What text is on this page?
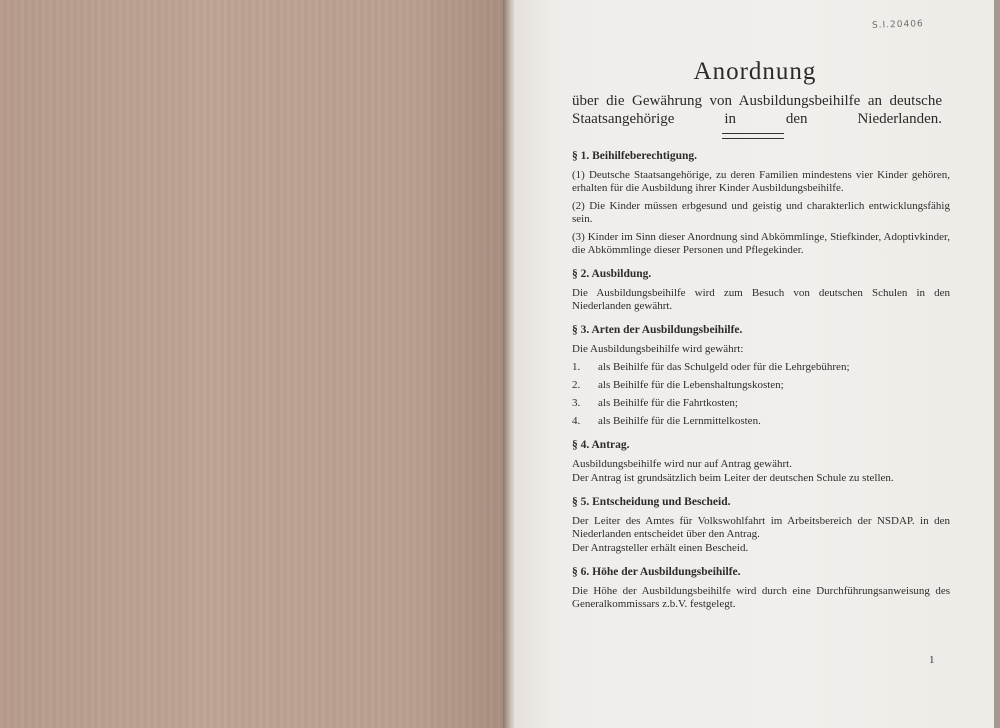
S.I.20406
Anordnung
über die Gewährung von Ausbildungsbeihilfe an deutsche Staatsangehörige in den Niederlanden.
§ 1. Beihilfeberechtigung.

(1) Deutsche Staatsangehörige, zu deren Familien mindestens vier Kinder gehören, erhalten für die Ausbildung ihrer Kinder Ausbildungsbeihilfe.

(2) Die Kinder müssen erbgesund und geistig und charakterlich entwicklungsfähig sein.

(3) Kinder im Sinn dieser Anordnung sind Abkömmlinge, Stiefkinder, Adoptivkinder, die Abkömmlinge dieser Personen und Pflegekinder.

§ 2. Ausbildung.

Die Ausbildungsbeihilfe wird zum Besuch von deutschen Schulen in den Niederlanden gewährt.

§ 3. Arten der Ausbildungsbeihilfe.

Die Ausbildungsbeihilfe wird gewährt:

1.	als Beihilfe für das Schulgeld oder für die Lehrgebühren;
2.	als Beihilfe für die Lebenshaltungskosten;
3.	als Beihilfe für die Fahrtkosten;
4.	als Beihilfe für die Lernmittelkosten.
§ 4. Antrag.

Ausbildungsbeihilfe wird nur auf Antrag gewährt.

Der Antrag ist grundsätzlich beim Leiter der deutschen Schule zu stellen.

§ 5. Entscheidung und Bescheid.

Der Leiter des Amtes für Volkswohlfahrt im Arbeitsbereich der NSDAP. in den Niederlanden entscheidet über den Antrag.

Der Antragsteller erhält einen Bescheid.

§ 6. Höhe der Ausbildungsbeihilfe.

Die Höhe der Ausbildungsbeihilfe wird durch eine Durchführungsanweisung des Generalkommissars z.b.V. festgelegt.

1
